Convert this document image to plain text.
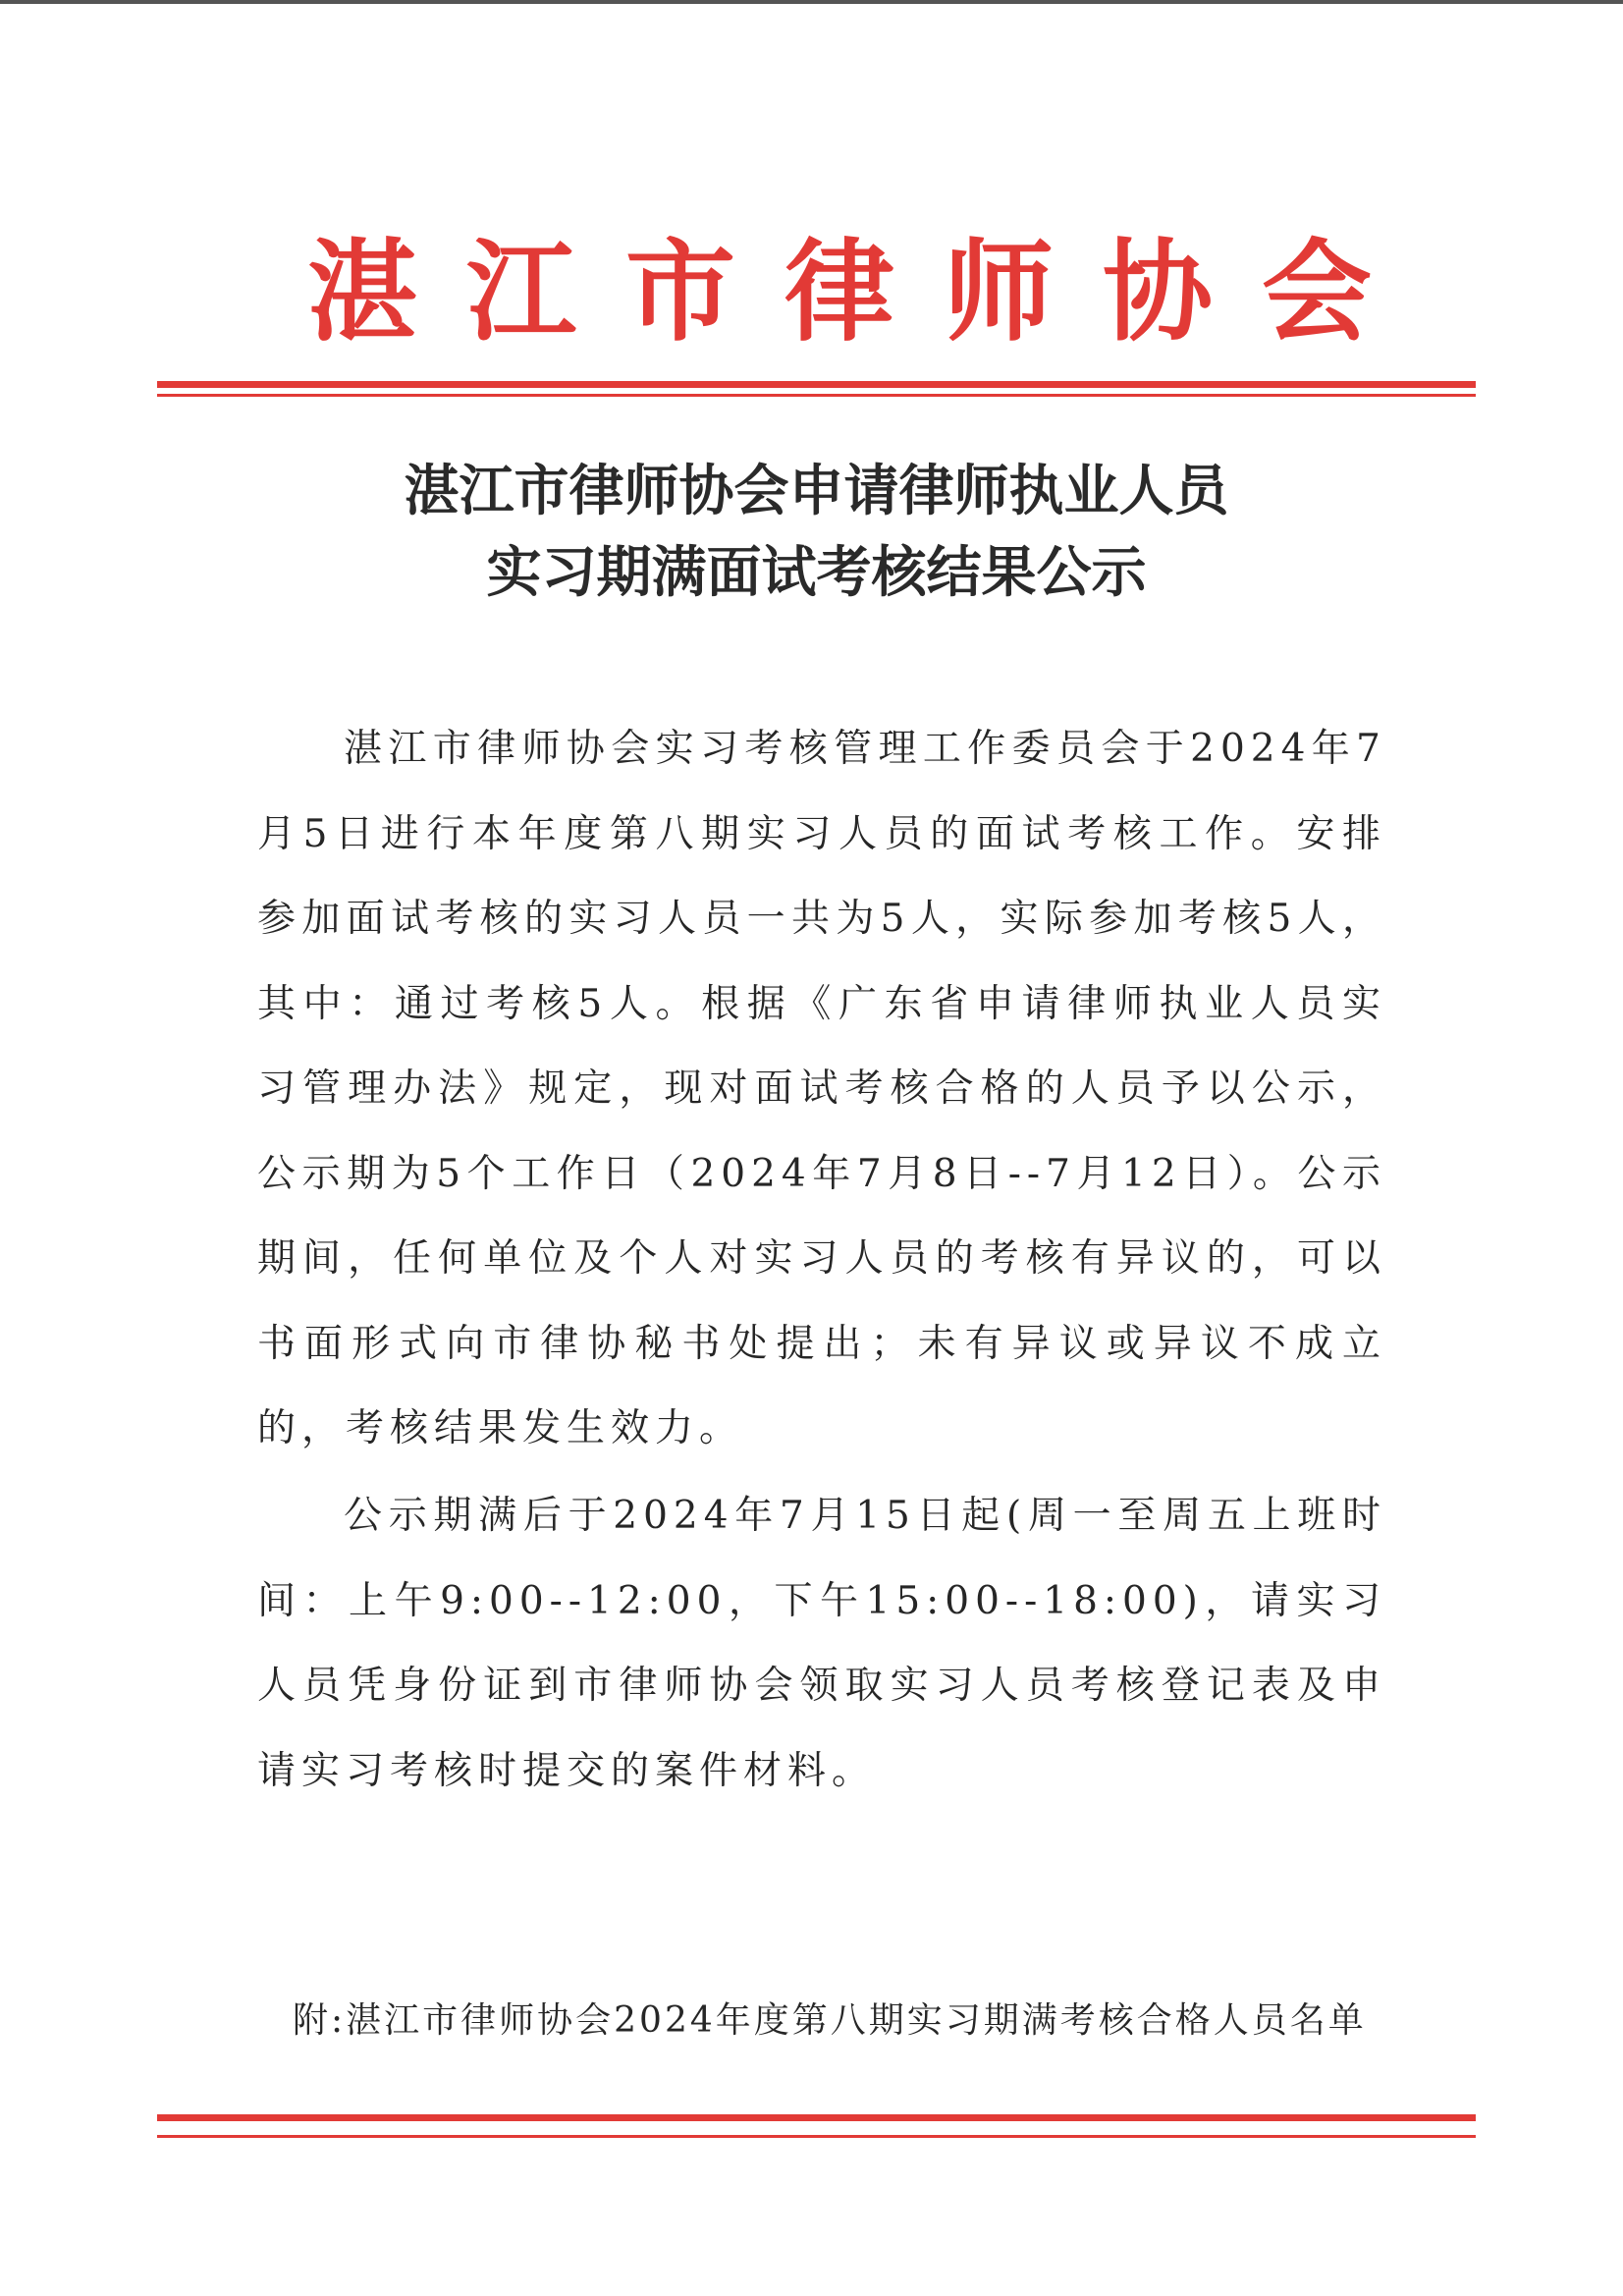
湛江市律师协会
湛江市律师协会申请律师执业人员
实习期满面试考核结果公示

湛江市律师协会实习考核管理工作委员会于2024年7月5日进行本年度第八期实习人员的面试考核工作。安排参加面试考核的实习人员一共为5人，实际参加考核5人，其中：通过考核5人。根据《广东省申请律师执业人员实习管理办法》规定，现对面试考核合格的人员予以公示，公示期为5个工作日（2024年7月8日--7月12日）。公示期间，任何单位及个人对实习人员的考核有异议的，可以书面形式向市律协秘书处提出；未有异议或异议不成立的，考核结果发生效力。

公示期满后于2024年7月15日起(周一至周五上班时间：上午9:00--12:00，下午15:00--18:00)，请实习人员凭身份证到市律师协会领取实习人员考核登记表及申请实习考核时提交的案件材料。

附:湛江市律师协会2024年度第八期实习期满考核合格人员名单
